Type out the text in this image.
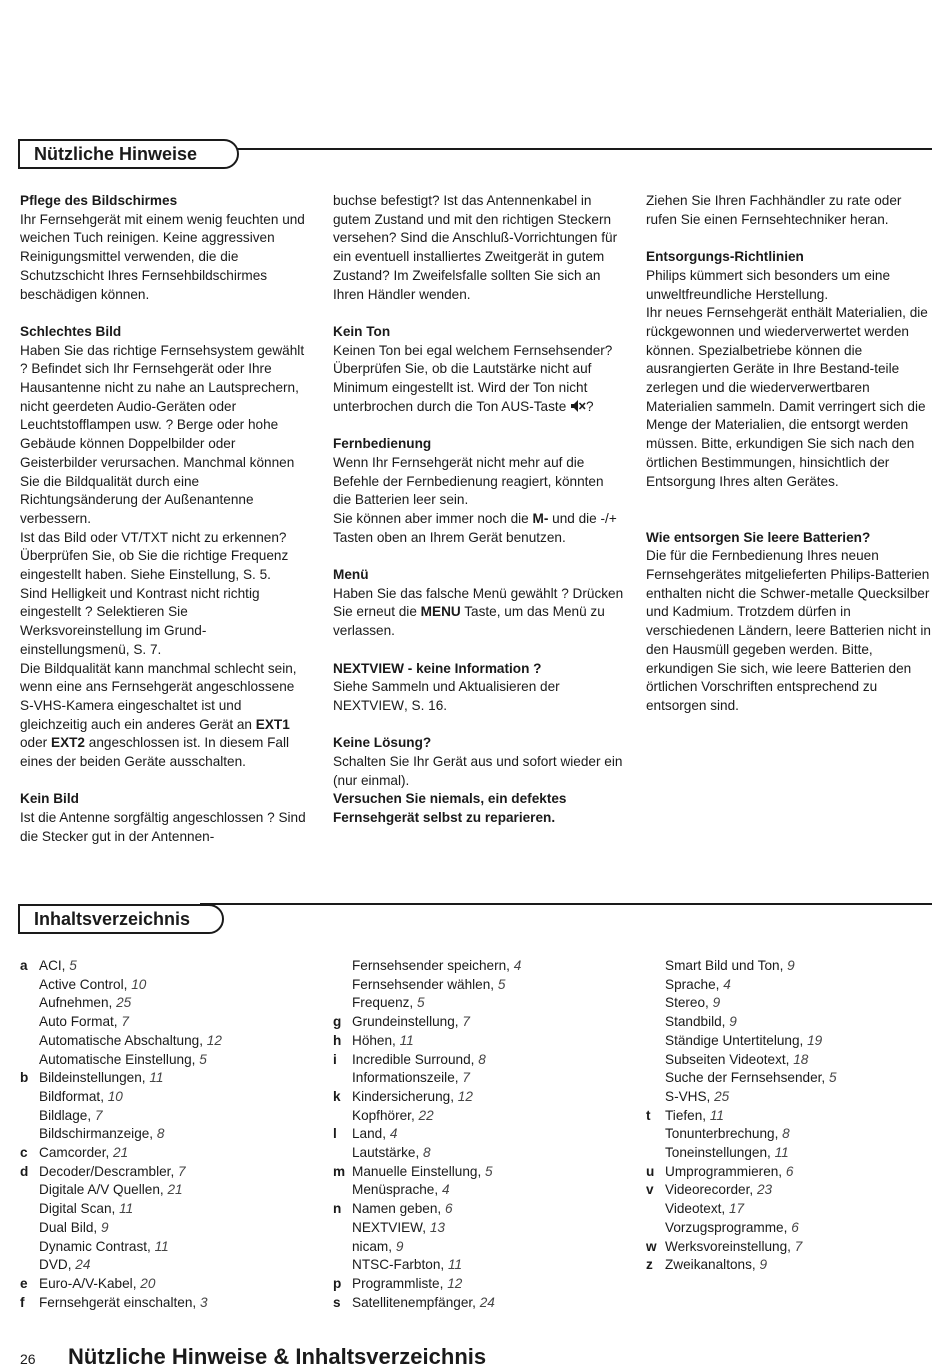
Nützliche Hinweise

Pflege des Bildschirmes

Ihr Fernsehgerät mit einem wenig feuchten und weichen Tuch reinigen. Keine aggressiven Reinigungsmittel verwenden, die die Schutzschicht Ihres Fernsehbildschirmes beschädigen können.

Schlechtes Bild

Haben Sie das richtige Fernsehsystem gewählt ? Befindet sich Ihr Fernsehgerät oder Ihre Hausantenne nicht zu nahe an Lautsprechern, nicht geerdeten Audio-Geräten oder Leuchtstofflampen usw. ? Berge oder hohe Gebäude können Doppelbilder oder Geisterbilder verursachen. Manchmal können Sie die Bildqualität durch eine Richtungsänderung der Außenantenne verbessern.

Ist das Bild oder VT/TXT nicht zu erkennen? Überprüfen Sie, ob Sie die richtige Frequenz eingestellt haben. Siehe Einstellung, S. 5.

Sind Helligkeit und Kontrast nicht richtig eingestellt ? Selektieren Sie Werksvoreinstellung im Grund-einstellungsmenü, S. 7.

Die Bildqualität kann manchmal schlecht sein, wenn eine ans Fernsehgerät angeschlossene S-VHS-Kamera eingeschaltet ist und gleichzeitig auch ein anderes Gerät an EXT1 oder EXT2 angeschlossen ist. In diesem Fall eines der beiden Geräte ausschalten.

Kein Bild

Ist die Antenne sorgfältig angeschlossen ? Sind die Stecker gut in der Antennen-

buchse befestigt? Ist das Antennenkabel in gutem Zustand und mit den richtigen Steckern versehen? Sind die Anschluß-Vorrichtungen für ein eventuell installiertes Zweitgerät in gutem Zustand? Im Zweifelsfalle sollten Sie sich an Ihren Händler wenden.

Kein Ton

Keinen Ton bei egal welchem Fernsehsender? Überprüfen Sie, ob die Lautstärke nicht auf Minimum eingestellt ist. Wird der Ton nicht unterbrochen durch die Ton AUS-Taste ?

Fernbedienung

Wenn Ihr Fernsehgerät nicht mehr auf die Befehle der Fernbedienung reagiert, könnten die Batterien leer sein.

Sie können aber immer noch die M- und die -/+ Tasten oben an Ihrem Gerät benutzen.

Menü

Haben Sie das falsche Menü gewählt ? Drücken Sie erneut die MENU Taste, um das Menü zu verlassen.

NEXTVIEW - keine Information ?

Siehe Sammeln und Aktualisieren der NEXTVIEW, S. 16.

Keine Lösung?

Schalten Sie Ihr Gerät aus und sofort wieder ein (nur einmal).

Versuchen Sie niemals, ein defektes Fernsehgerät selbst zu reparieren.

Ziehen Sie Ihren Fachhändler zu rate oder rufen Sie einen Fernsehtechniker heran.

Entsorgungs-Richtlinien

Philips kümmert sich besonders um eine unweltfreundliche Herstellung.

Ihr neues Fernsehgerät enthält Materialien, die rückgewonnen und wiederverwertet werden können. Spezialbetriebe können die ausrangierten Geräte in Ihre Bestand-teile zerlegen und die wiederverwertbaren Materialien sammeln. Damit verringert sich die Menge der Materialien, die entsorgt werden müssen. Bitte, erkundigen Sie sich nach den örtlichen Bestimmungen, hinsichtlich der Entsorgung Ihres alten Gerätes.

Wie entsorgen Sie leere Batterien?

Die für die Fernbedienung Ihres neuen Fernsehgerätes mitgelieferten Philips-Batterien enthalten nicht die Schwer-metalle Quecksilber und Kadmium. Trotzdem dürfen in verschiedenen Ländern, leere Batterien nicht in den Hausmüll gegeben werden. Bitte, erkundigen Sie sich, wie leere Batterien den örtlichen Vorschriften entsprechend zu entsorgen sind.

Inhaltsverzeichnis
a ACI, 5
Active Control, 10
Aufnehmen, 25
Auto Format, 7
Automatische Abschaltung, 12
Automatische Einstellung, 5
b Bildeinstellungen, 11
Bildformat, 10
Bildlage, 7
Bildschirmanzeige, 8
c Camcorder, 21
d Decoder/Descrambler, 7
Digitale A/V Quellen, 21
Digital Scan, 11
Dual Bild, 9
Dynamic Contrast, 11
DVD, 24
e Euro-A/V-Kabel, 20
f Fernsehgerät einschalten, 3
Fernsehsender speichern, 4
Fernsehsender wählen, 5
Frequenz, 5
g Grundeinstellung, 7
h Höhen, 11
i Incredible Surround, 8
Informationszeile, 7
k Kindersicherung, 12
Kopfhörer, 22
l Land, 4
Lautstärke, 8
m Manuelle Einstellung, 5
Menüsprache, 4
n Namen geben, 6
NEXTVIEW, 13
nicam, 9
NTSC-Farbton, 11
p Programmliste, 12
s Satellitenempfänger, 24
Smart Bild und Ton, 9
Sprache, 4
Stereo, 9
Standbild, 9
Ständige Untertitelung, 19
Subseiten Videotext, 18
Suche der Fernsehsender, 5
S-VHS, 25
t Tiefen, 11
Tonunterbrechung, 8
Toneinstellungen, 11
u Umprogrammieren, 6
v Videorecorder, 23
Videotext, 17
Vorzugsprogramme, 6
w Werksvoreinstellung, 7
z Zweikanaltons, 9
26 Nützliche Hinweise & Inhaltsverzeichnis
